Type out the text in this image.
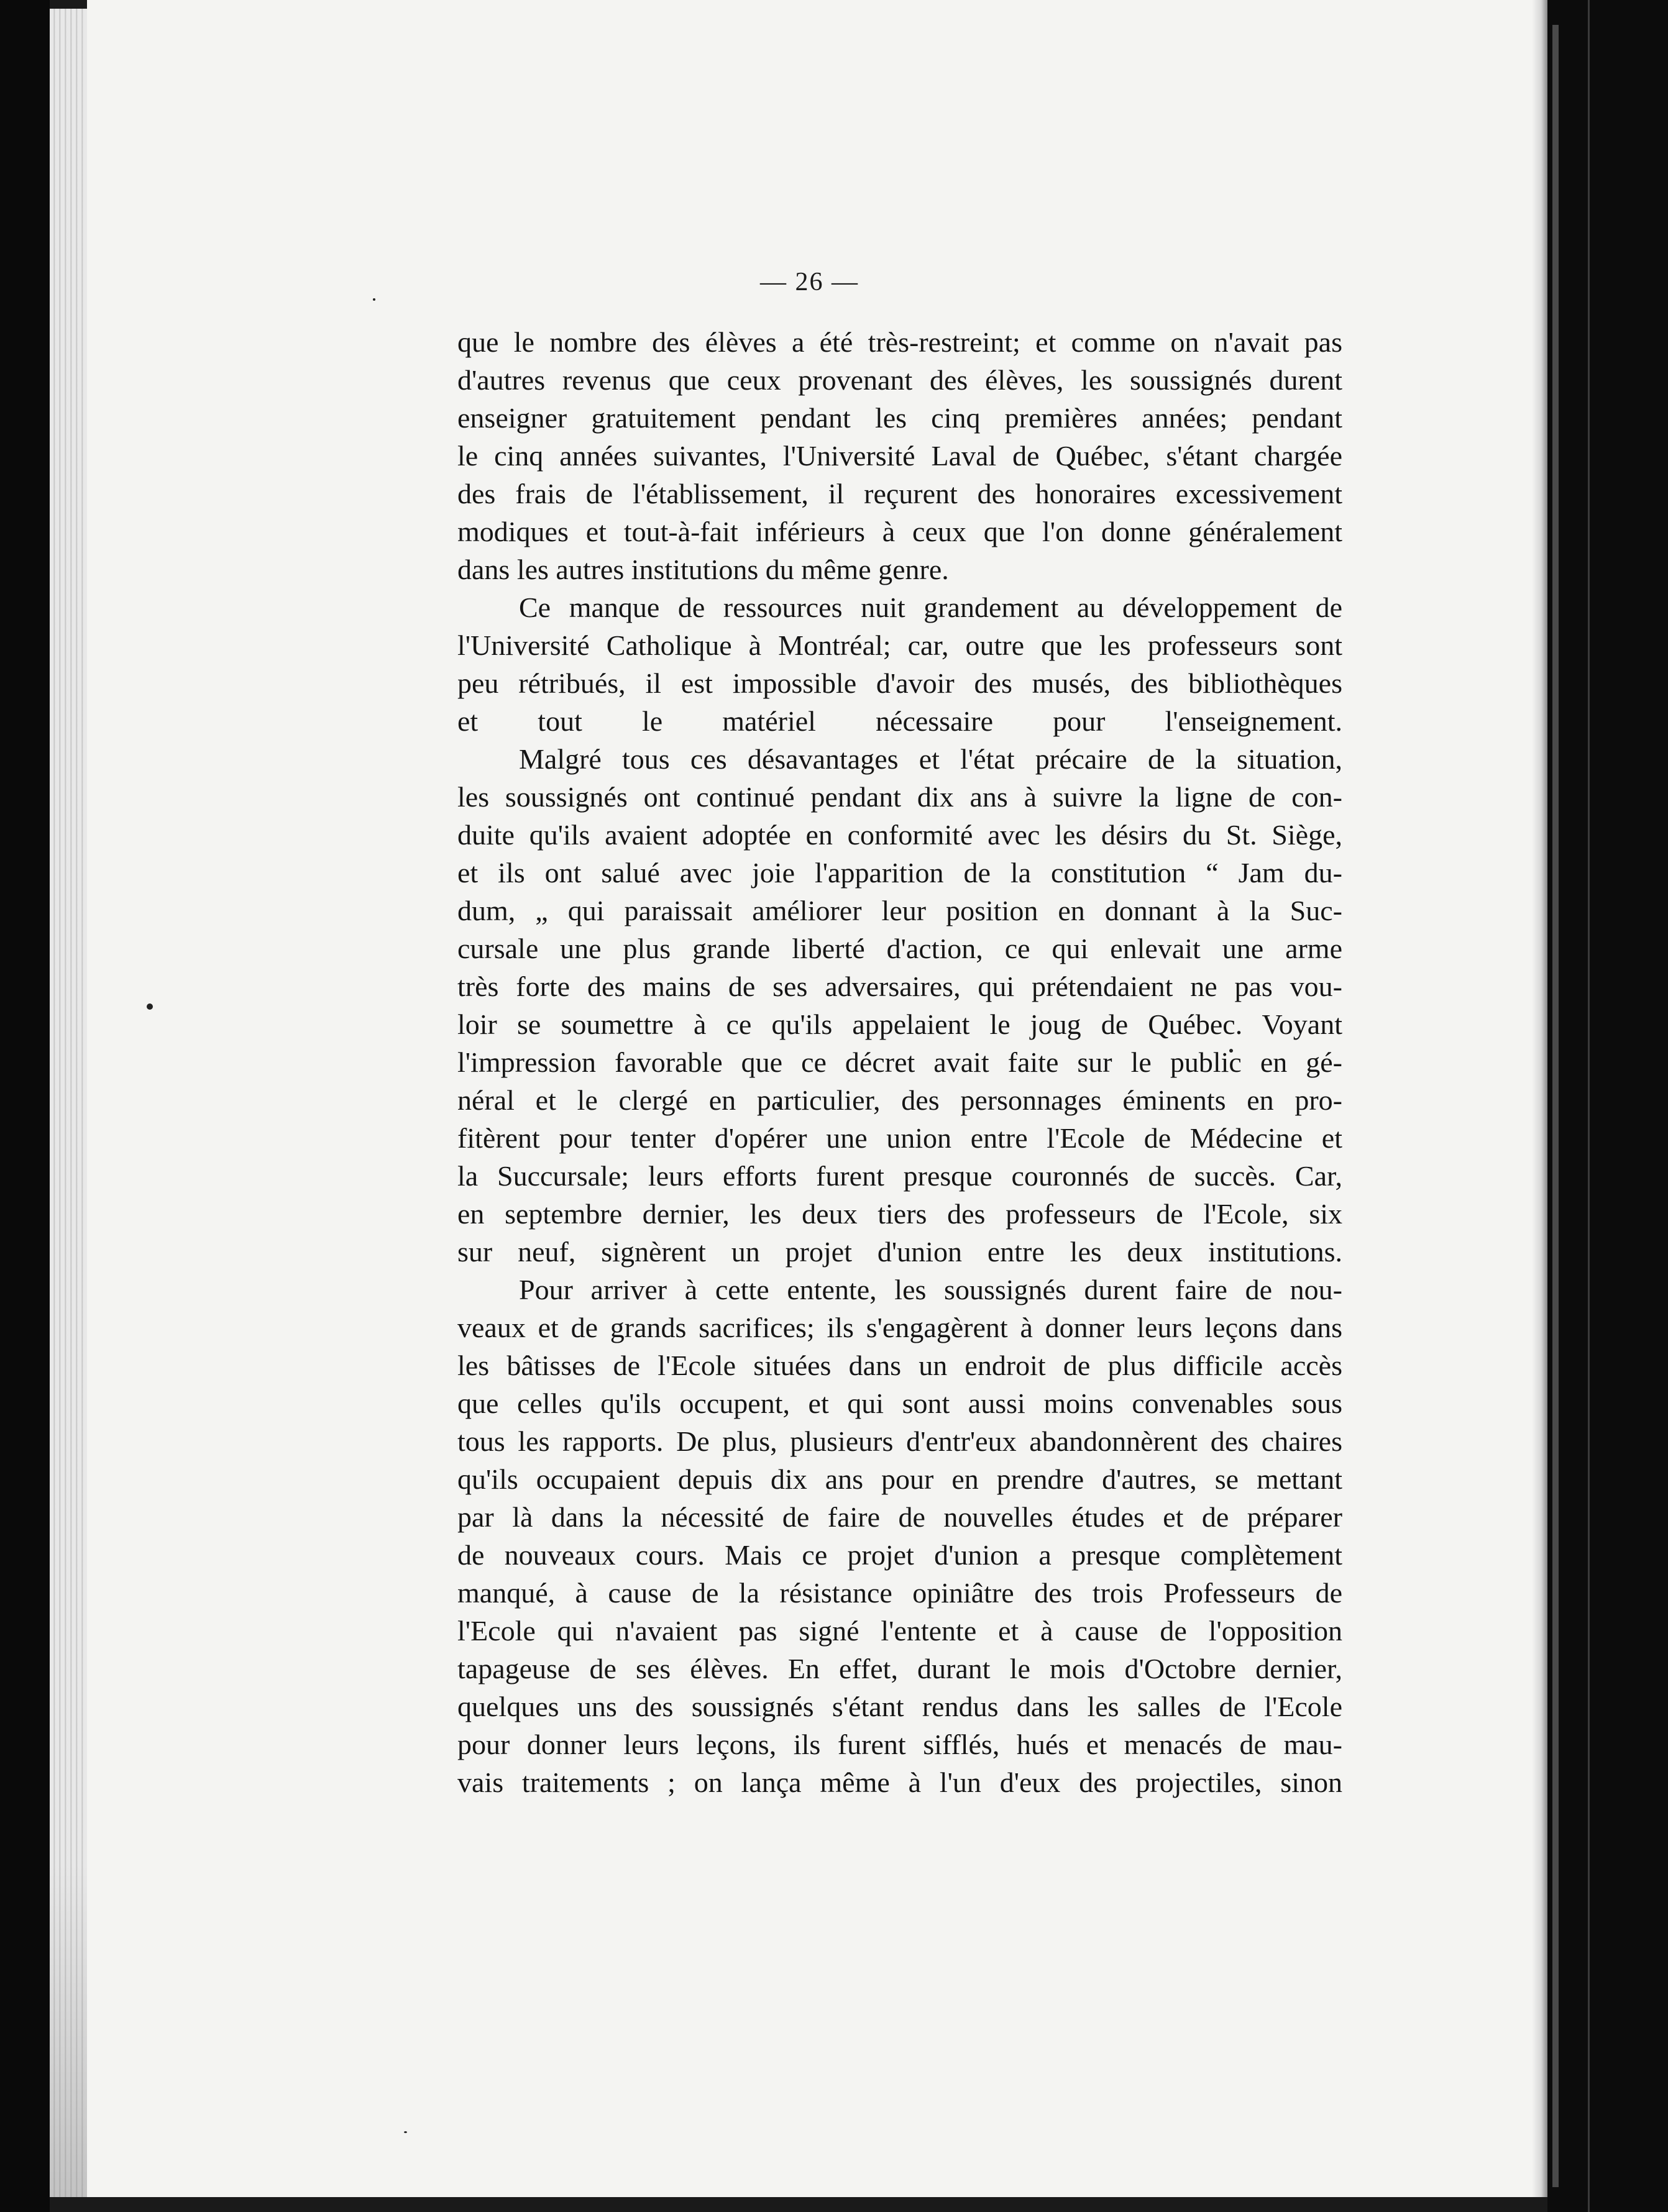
— 26 —
que le nombre des élèves a été très-restreint; et comme on n'avait pas
d'autres revenus que ceux provenant des élèves, les soussignés durent
enseigner gratuitement pendant les cinq premières années; pendant
le cinq années suivantes, l'Université Laval de Québec, s'étant chargée
des frais de l'établissement, il reçurent des honoraires excessivement
modiques et tout-à-fait inférieurs à ceux que l'on donne généralement
dans les autres institutions du même genre.
Ce manque de ressources nuit grandement au développement de
l'Université Catholique à Montréal; car, outre que les professeurs sont
peu rétribués, il est impossible d'avoir des musés, des bibliothèques
et tout le matériel nécessaire pour l'enseignement.
Malgré tous ces désavantages et l'état précaire de la situation,
les soussignés ont continué pendant dix ans à suivre la ligne de con-
duite qu'ils avaient adoptée en conformité avec les désirs du St. Siège,
et ils ont salué avec joie l'apparition de la constitution “ Jam du-
dum, „ qui paraissait améliorer leur position en donnant à la Suc-
cursale une plus grande liberté d'action, ce qui enlevait une arme
très forte des mains de ses adversaires, qui prétendaient ne pas vou-
loir se soumettre à ce qu'ils appelaient le joug de Québec. Voyant
l'impression favorable que ce décret avait faite sur le public en gé-
néral et le clergé en particulier, des personnages éminents en pro-
fitèrent pour tenter d'opérer une union entre l'Ecole de Médecine et
la Succursale; leurs efforts furent presque couronnés de succès. Car,
en septembre dernier, les deux tiers des professeurs de l'Ecole, six
sur neuf, signèrent un projet d'union entre les deux institutions.
Pour arriver à cette entente, les soussignés durent faire de nou-
veaux et de grands sacrifices; ils s'engagèrent à donner leurs leçons dans
les bâtisses de l'Ecole situées dans un endroit de plus difficile accès
que celles qu'ils occupent, et qui sont aussi moins convenables sous
tous les rapports. De plus, plusieurs d'entr'eux abandonnèrent des chaires
qu'ils occupaient depuis dix ans pour en prendre d'autres, se mettant
par là dans la nécessité de faire de nouvelles études et de préparer
de nouveaux cours. Mais ce projet d'union a presque complètement
manqué, à cause de la résistance opiniâtre des trois Professeurs de
l'Ecole qui n'avaient pas signé l'entente et à cause de l'opposition
tapageuse de ses élèves. En effet, durant le mois d'Octobre dernier,
quelques uns des soussignés s'étant rendus dans les salles de l'Ecole
pour donner leurs leçons, ils furent sifflés, hués et menacés de mau-
vais traitements ; on lança même à l'un d'eux des projectiles, sinon
